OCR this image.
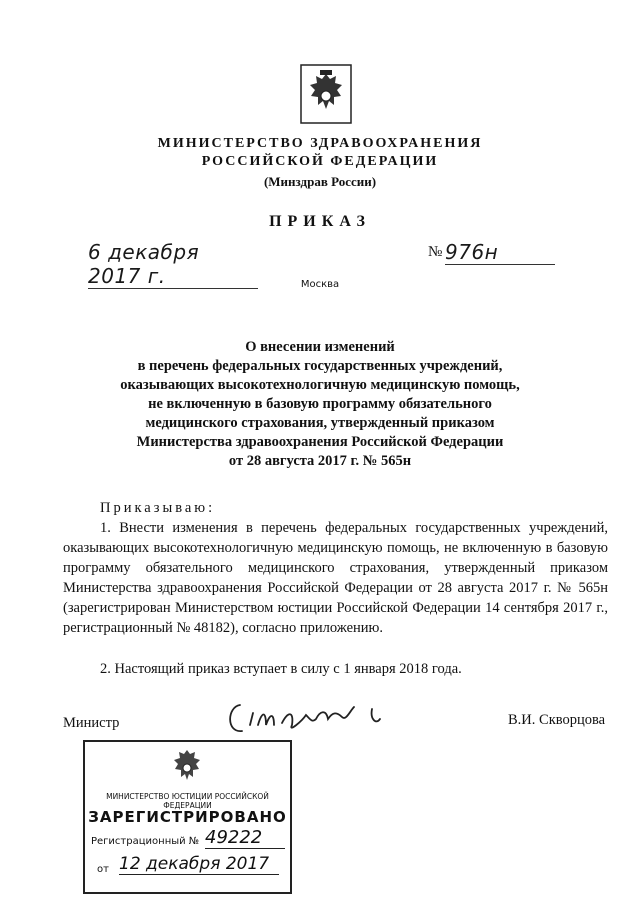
МИНИСТЕРСТВО ЗДРАВООХРАНЕНИЯ
РОССИЙСКОЙ ФЕДЕРАЦИИ
(Минздрав России)
ПРИКАЗ
6 декабря 2017 г.
№ 976н
Москва
О внесении изменений
в перечень федеральных государственных учреждений,
оказывающих высокотехнологичную медицинскую помощь,
не включенную в базовую программу обязательного
медицинского страхования, утвержденный приказом
Министерства здравоохранения Российской Федерации
от 28 августа 2017 г. № 565н
Приказываю:
1. Внести изменения в перечень федеральных государственных учреждений, оказывающих высокотехнологичную медицинскую помощь, не включенную в базовую программу обязательного медицинского страхования, утвержденный приказом Министерства здравоохранения Российской Федерации от 28 августа 2017 г. № 565н (зарегистрирован Министерством юстиции Российской Федерации 14 сентября 2017 г., регистрационный № 48182), согласно приложению.
2. Настоящий приказ вступает в силу с 1 января 2018 года.
Министр	В.И. Скворцова
МИНИСТЕРСТВО ЮСТИЦИИ РОССИЙСКОЙ ФЕДЕРАЦИИ
ЗАРЕГИСТРИРОВАНО
Регистрационный № 49222
от 12 декабря 2017
